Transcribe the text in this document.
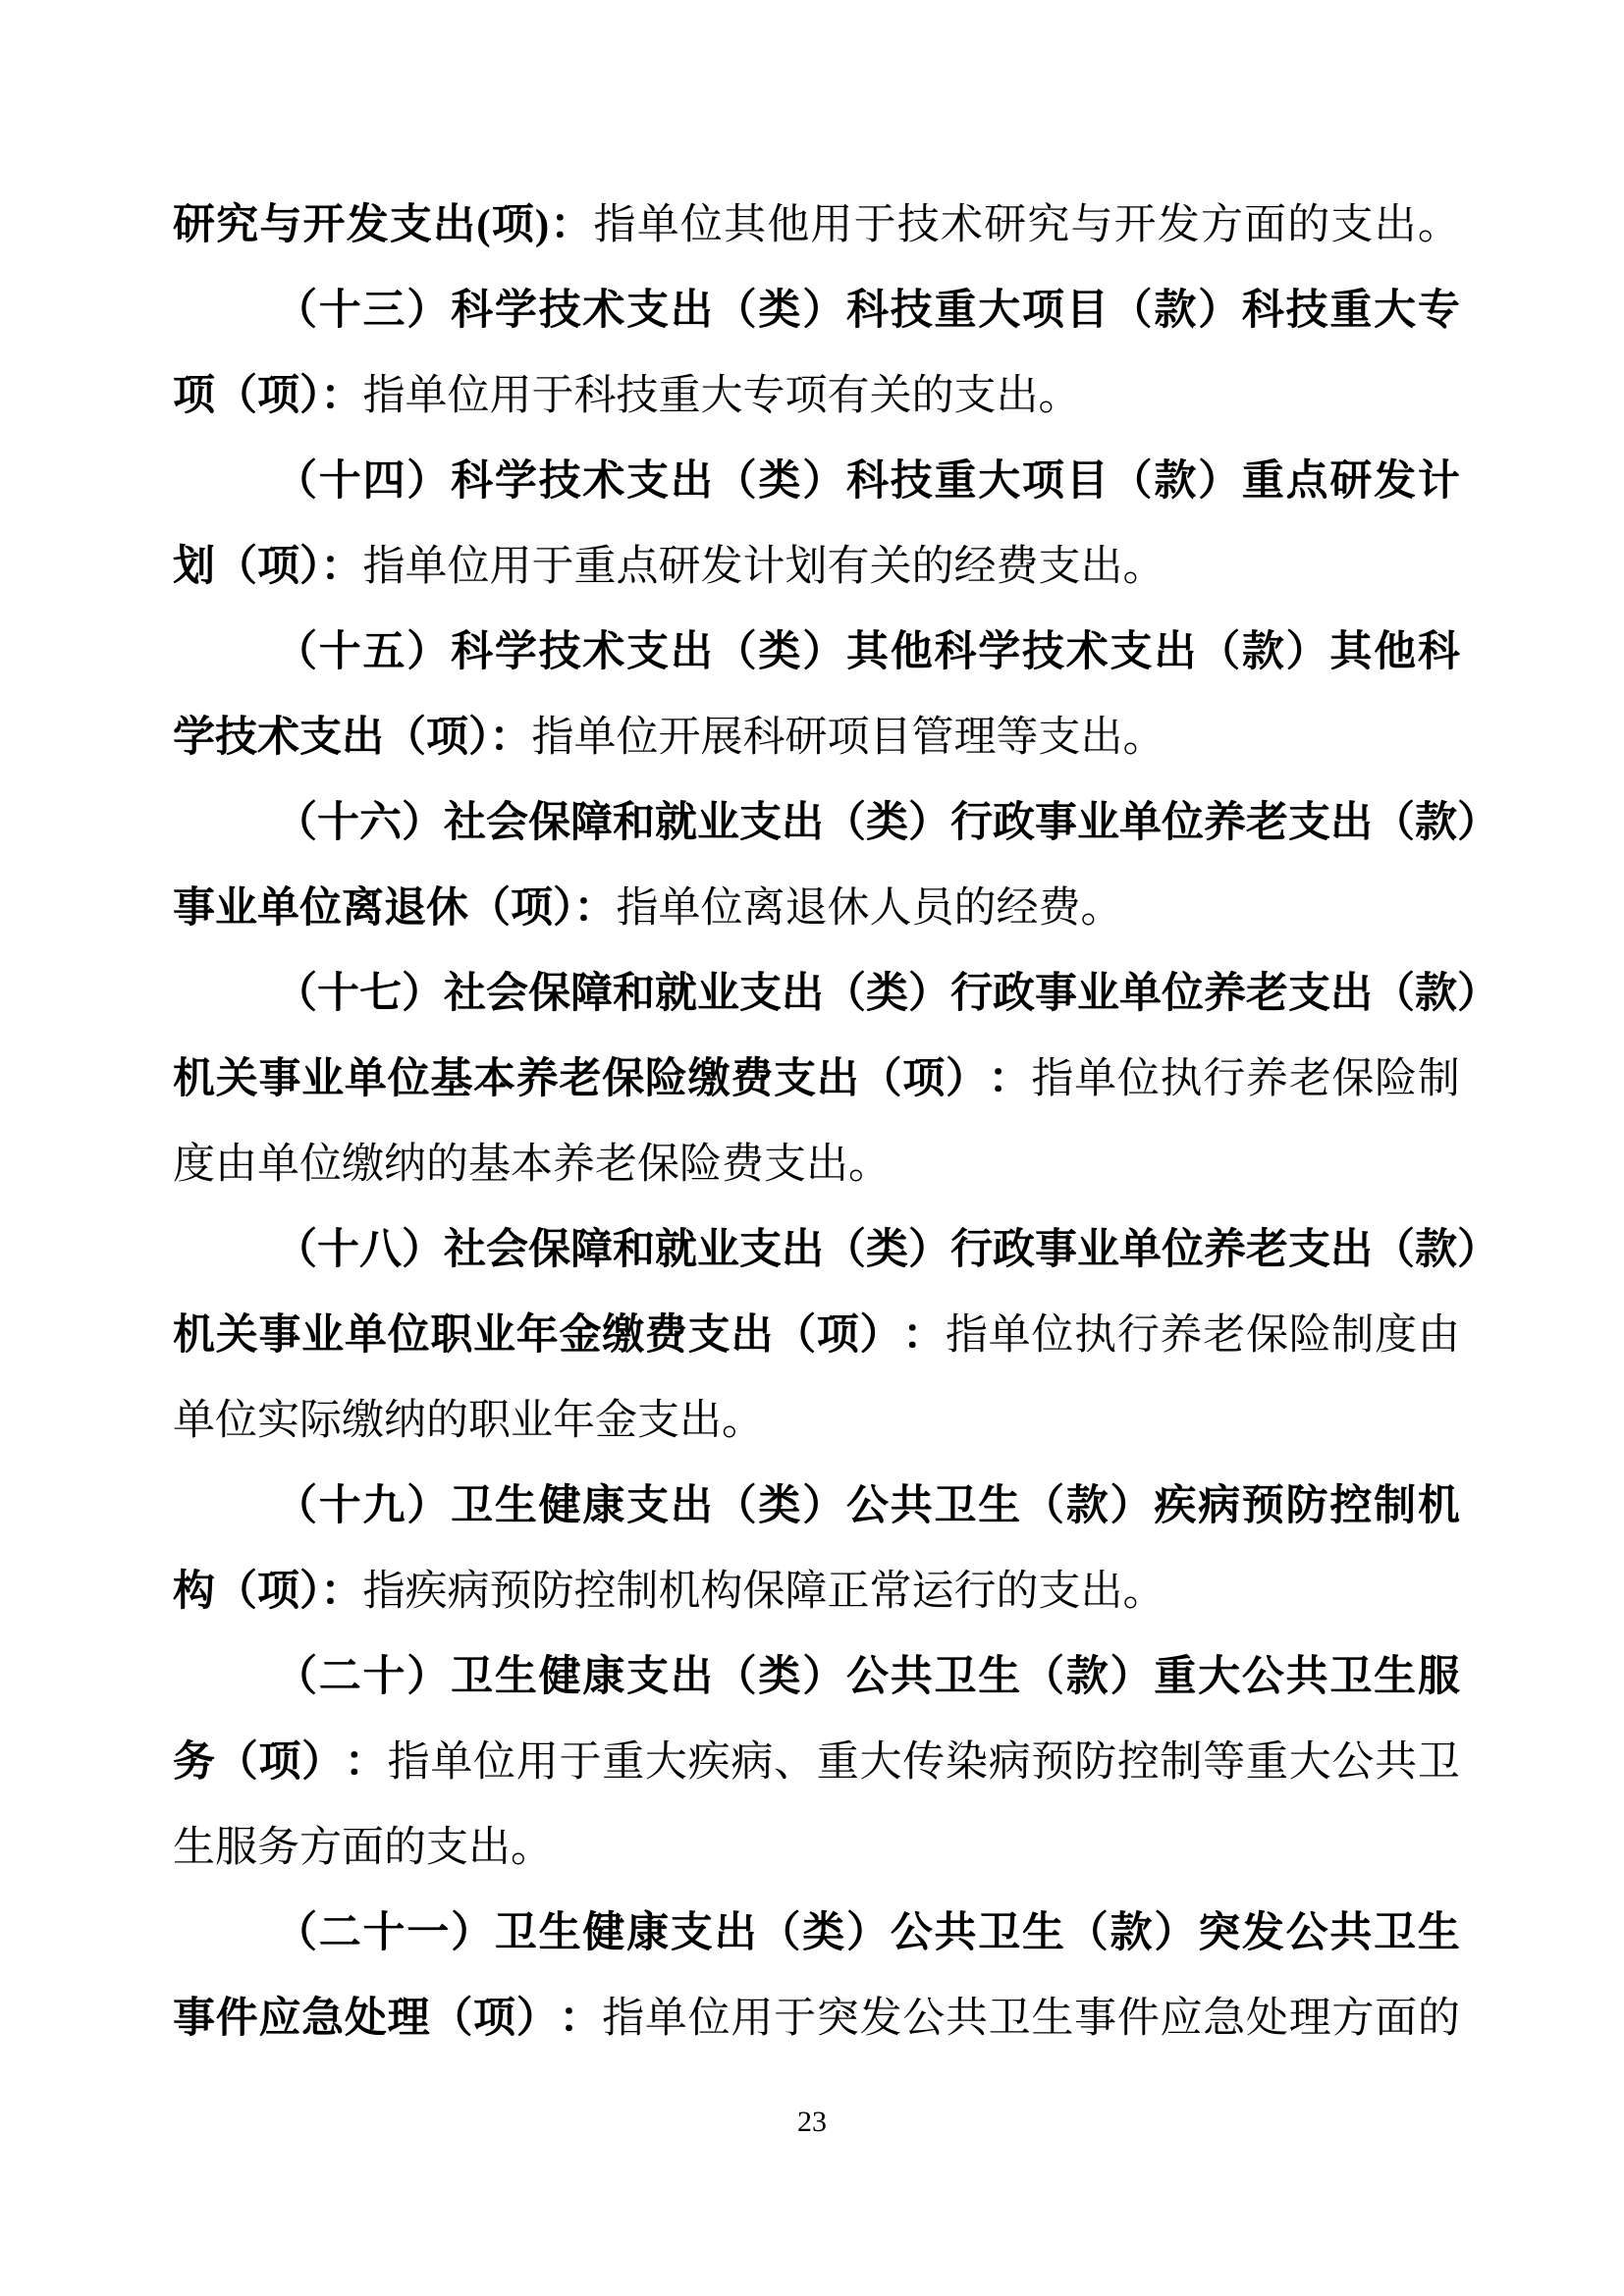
研 究 与 开 发 支 出 ( 项 ) ： 指 单 位 其 他 用 于 技 术 研 究 与 开 发 方 面 的 支 出 。
（ 十 三 ） 科 学 技 术 支 出 （ 类 ） 科 技 重 大 项 目 （ 款 ） 科 技 重 大 专
项（项）：指单位用于科技重大专项有关的支出。
（ 十 四 ） 科 学 技 术 支 出 （ 类 ） 科 技 重 大 项 目 （ 款 ） 重 点 研 发 计
划（项）：指单位用于重点研发计划有关的经费支出。
（ 十 五 ） 科 学 技 术 支 出 （ 类 ） 其 他 科 学 技 术 支 出 （ 款 ） 其 他 科
学技术支出（项）：指单位开展科研项目管理等支出。
（ 十 六 ） 社 会 保 障 和 就 业 支 出 （ 类 ） 行 政 事 业 单 位 养 老 支 出 （ 款 ）
事业单位离退休（项）：指单位离退休人员的经费。
（ 十 七 ） 社 会 保 障 和 就 业 支 出 （ 类 ） 行 政 事 业 单 位 养 老 支 出 （ 款 ）
机 关 事 业 单 位 基 本 养 老 保 险 缴 费 支 出 （ 项 ） ： 指 单 位 执 行 养 老 保 险 制
度由单位缴纳的基本养老保险费支出。
（ 十 八 ） 社 会 保 障 和 就 业 支 出 （ 类 ） 行 政 事 业 单 位 养 老 支 出 （ 款 ）
机 关 事 业 单 位 职 业 年 金 缴 费 支 出 （ 项 ） ： 指 单 位 执 行 养 老 保 险 制 度 由
单位实际缴纳的职业年金支出。
（ 十 九 ） 卫 生 健 康 支 出 （ 类 ） 公 共 卫 生 （ 款 ） 疾 病 预 防 控 制 机
构（项）：指疾病预防控制机构保障正常运行的支出。
（ 二 十 ） 卫 生 健 康 支 出 （ 类 ） 公 共 卫 生 （ 款 ） 重 大 公 共 卫 生 服
务 （ 项 ） ： 指 单 位 用 于 重 大 疾 病 、 重 大 传 染 病 预 防 控 制 等 重 大 公 共 卫
生服务方面的支出。
（ 二 十 一 ） 卫 生 健 康 支 出 （ 类 ） 公 共 卫 生 （ 款 ） 突 发 公 共 卫 生
事 件 应 急 处 理 （ 项 ） ： 指 单 位 用 于 突 发 公 共 卫 生 事 件 应 急 处 理 方 面 的
23
